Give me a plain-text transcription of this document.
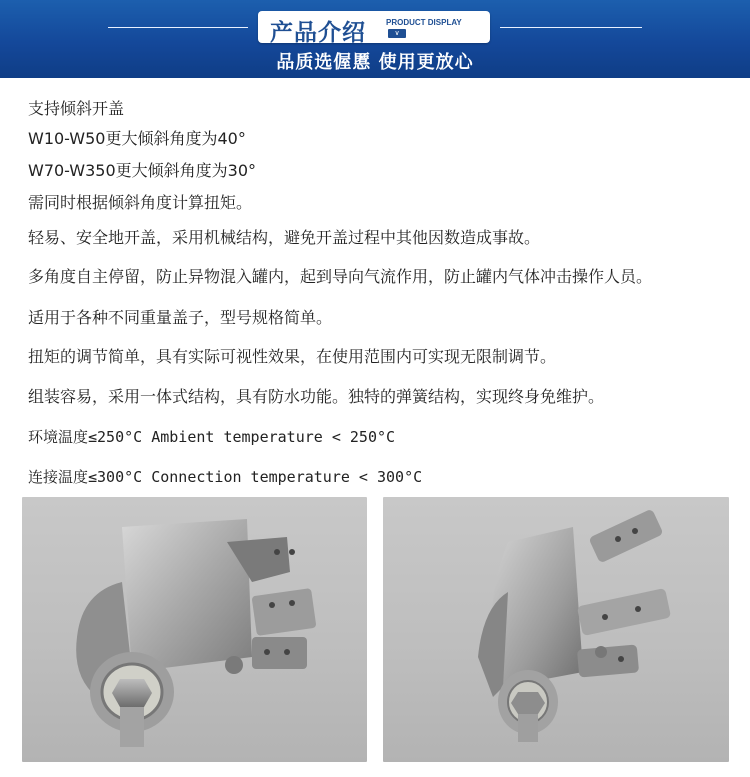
产品介绍	PRODUCT DISPLAY
∨
品质选偓慝 使用更放心
支持倾斜开盖
W10-W50更大倾斜角度为40°
W70-W350更大倾斜角度为30°
需同时根据倾斜角度计算扭矩。
轻易、安全地开盖，采用机械结构，避免开盖过程中其他因数造成事故。
多角度自主停留，防止异物混入罐内，起到导向气流作用，防止罐内气体冲击操作人员。
适用于各种不同重量盖子，型号规格简单。
扭矩的调节简单，具有实际可视性效果，在使用范围内可实现无限制调节。
组装容易，采用一体式结构，具有防水功能。独特的弹簧结构，实现终身免维护。
环境温度≤250°C Ambient temperature < 250°C
连接温度≤300°C Connection temperature < 300°C
